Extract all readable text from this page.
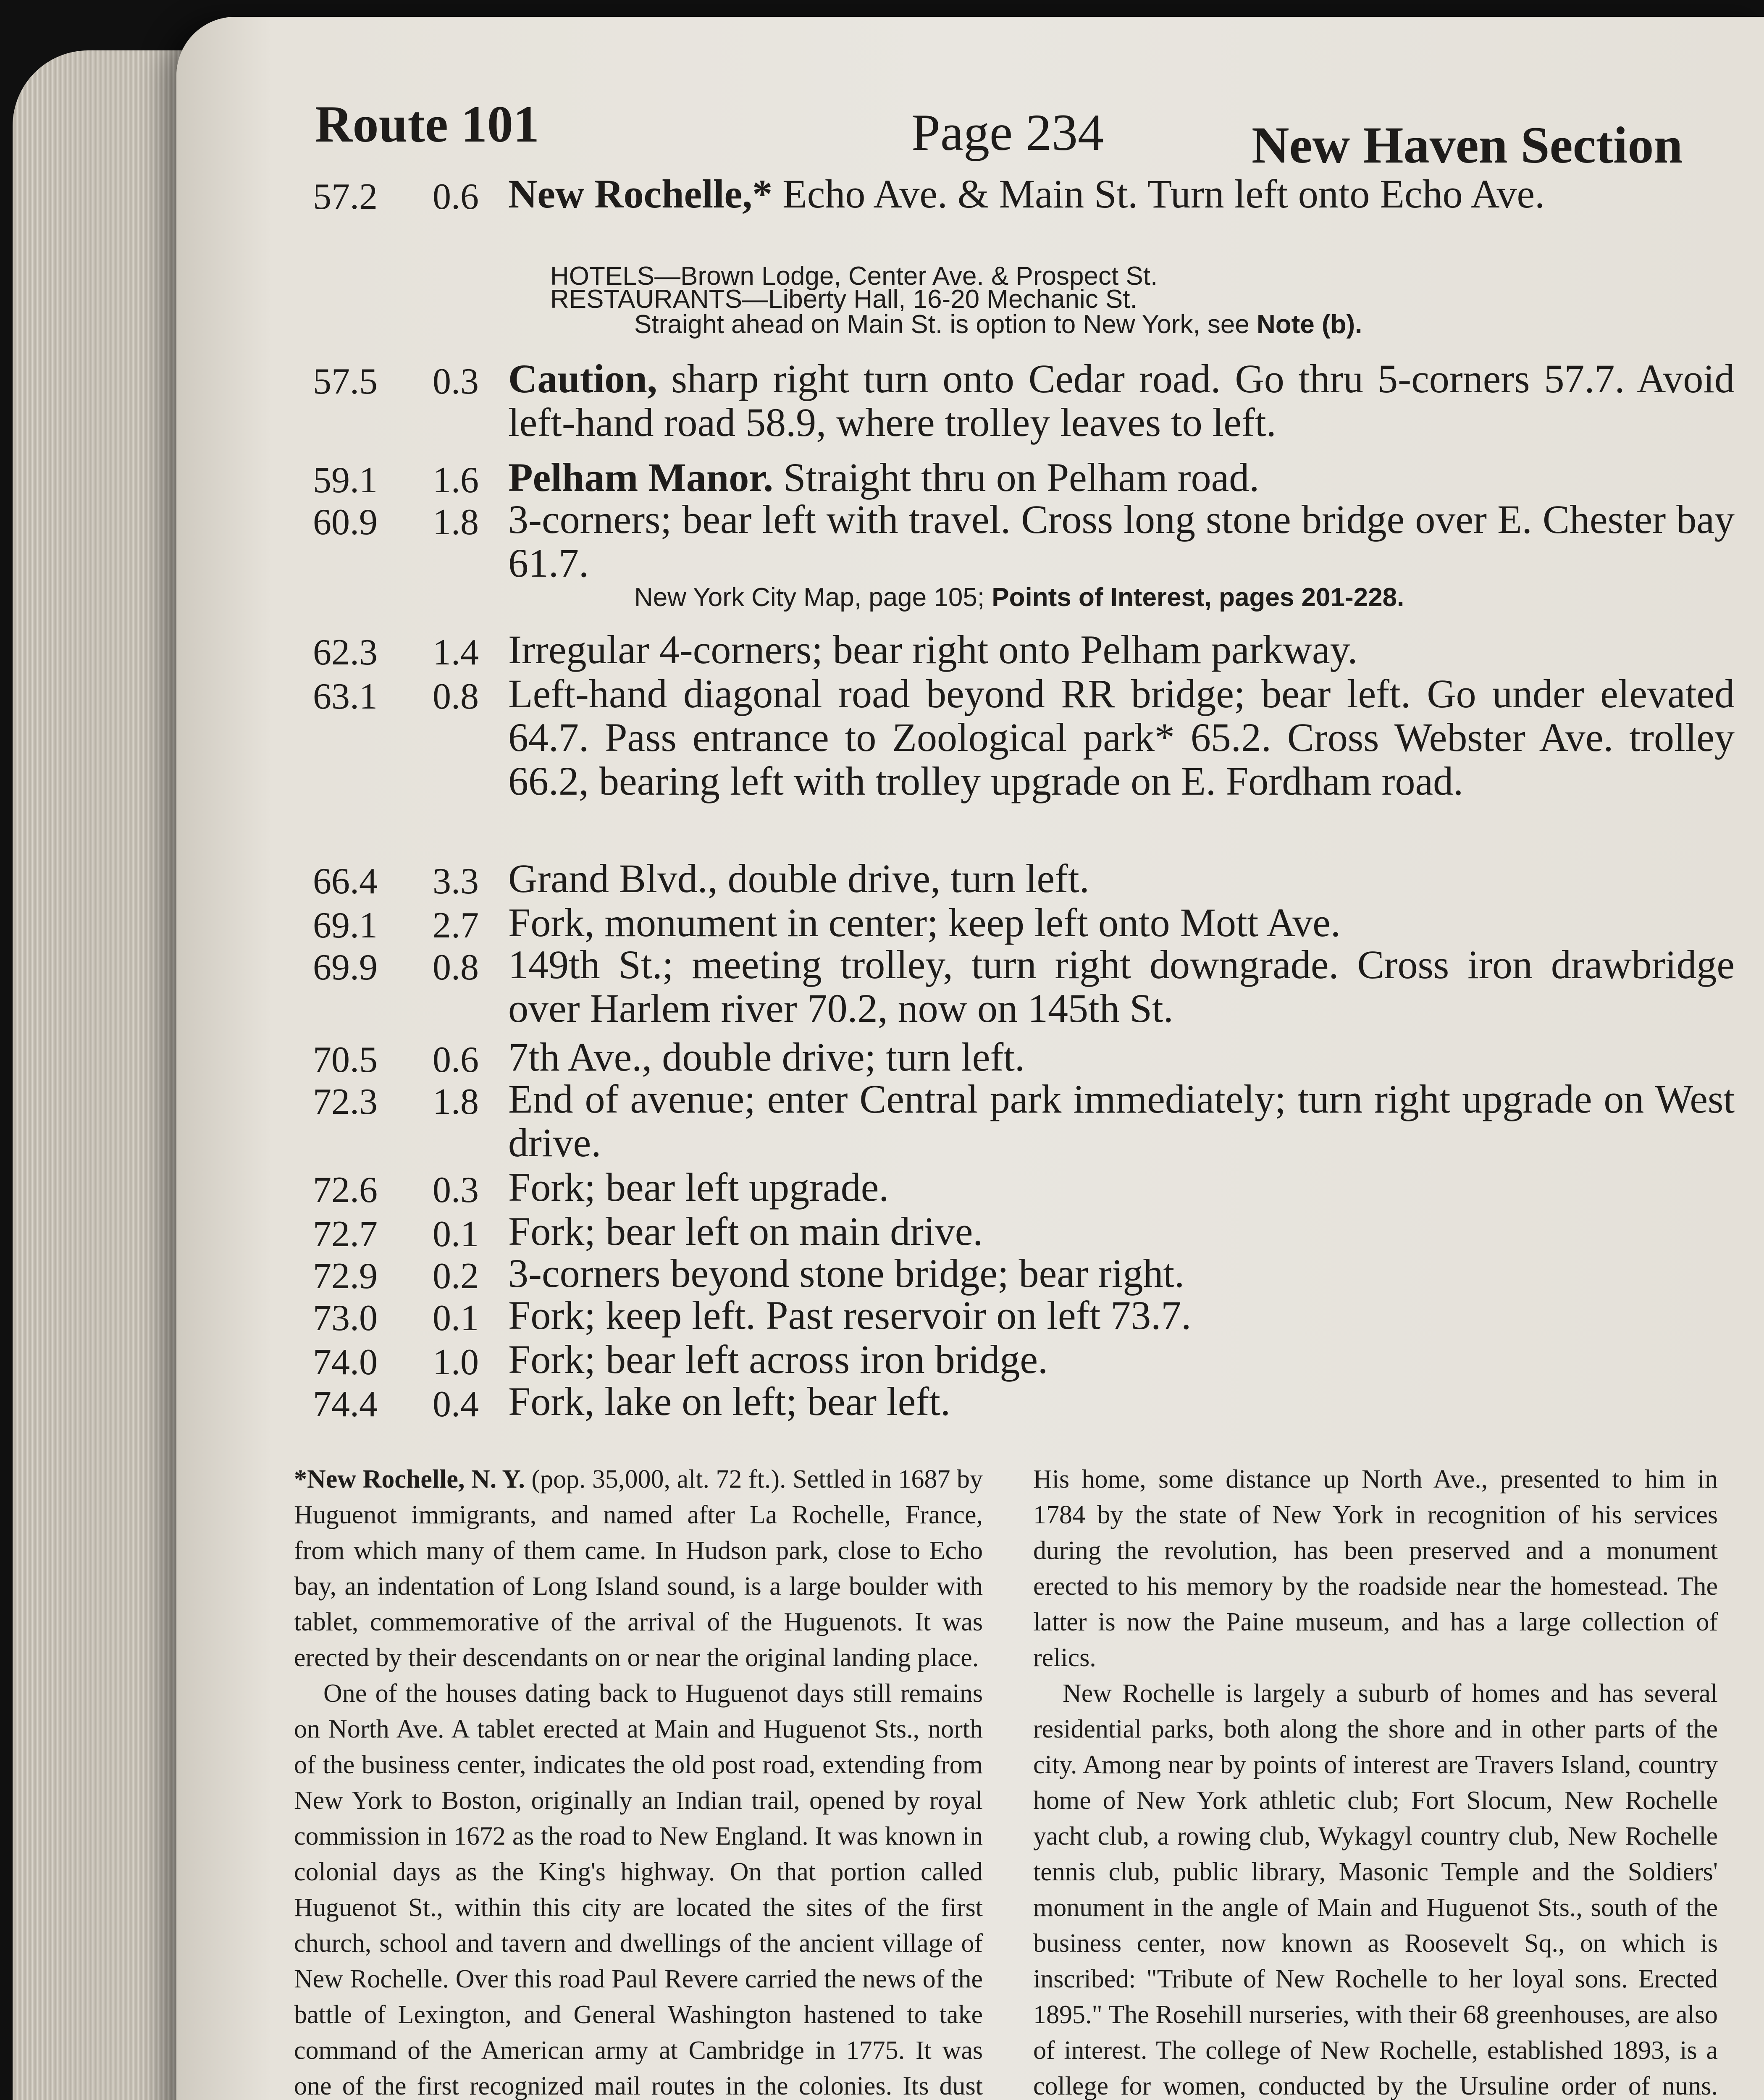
Route 101	Page 234	New Haven Section
57.2 0.6
57.5 0.3
59.1 1.6
60.9 1.8
62.3 1.4
63.1 0.8
66.4 3.3
69.1 2.7
69.9 0.8
70.5 0.6
72.3 1.8
72.6 0.3
72.7 0.1
72.9 0.2
73.0 0.1
74.0 1.0
74.4 0.4
New Rochelle,* Echo Ave. & Main St. Turn left onto Echo Ave.
HOTELS—Brown Lodge, Center Ave. & Prospect St.
RESTAURANTS—Liberty Hall, 16-20 Mechanic St.
Straight ahead on Main St. is option to New York, see Note (b).
Caution, sharp right turn onto Cedar road. Go thru 5-corners 57.7. Avoid left-hand road 58.9, where trolley leaves to left.
Pelham Manor. Straight thru on Pelham road.
3-corners; bear left with travel. Cross long stone bridge over E. Chester bay 61.7.
New York City Map, page 105; Points of Interest, pages 201-228.
Irregular 4-corners; bear right onto Pelham parkway.
Left-hand diagonal road beyond RR bridge; bear left. Go under elevated 64.7. Pass entrance to Zoological park* 65.2. Cross Webster Ave. trolley 66.2, bearing left with trolley upgrade on E. Fordham road.
Grand Blvd., double drive, turn left.
Fork, monument in center; keep left onto Mott Ave.
149th St.; meeting trolley, turn right downgrade. Cross iron drawbridge over Harlem river 70.2, now on 145th St.
7th Ave., double drive; turn left.
End of avenue; enter Central park immediately; turn right upgrade on West drive.
Fork; bear left upgrade.
Fork; bear left on main drive.
3-corners beyond stone bridge; bear right.
Fork; keep left. Past reservoir on left 73.7.
Fork; bear left across iron bridge.
Fork, lake on left; bear left.

*New Rochelle, N. Y. (pop. 35,000, alt. 72 ft.). Settled in 1687 by Huguenot immigrants, and named after La Rochelle, France, from which many of them came. In Hudson park, close to Echo bay, an indentation of Long Island sound, is a large boulder with tablet, commemorative of the arrival of the Huguenots. It was erected by their descendants on or near the original landing place.

One of the houses dating back to Huguenot days still remains on North Ave. A tablet erected at Main and Huguenot Sts., north of the business center, indicates the old post road, extending from New York to Boston, originally an Indian trail, opened by royal commission in 1672 as the road to New England. It was known in colonial days as the King's highway. On that portion called Huguenot St., within this city are located the sites of the first church, school and tavern and dwellings of the ancient village of New Rochelle. Over this road Paul Revere carried the news of the battle of Lexington, and General Washington hastened to take command of the American army at Cambridge in 1775. It was one of the first recognized mail routes in the colonies. Its dust

His home, some distance up North Ave., presented to him in 1784 by the state of New York in recognition of his services during the revolution, has been preserved and a monument erected to his memory by the roadside near the homestead. The latter is now the Paine museum, and has a large collection of relics.

New Rochelle is largely a suburb of homes and has several residential parks, both along the shore and in other parts of the city. Among near by points of interest are Travers Island, country home of New York athletic club; Fort Slocum, New Rochelle yacht club, a rowing club, Wykagyl country club, New Rochelle tennis club, public library, Masonic Temple and the Soldiers' monument in the angle of Main and Huguenot Sts., south of the business center, now known as Roosevelt Sq., on which is inscribed: "Tribute of New Rochelle to her loyal sons. Erected 1895." The Rosehill nurseries, with their 68 greenhouses, are also of interest. The college of New Rochelle, established 1893, is a college for women, conducted by the Ursuline order of nuns.
